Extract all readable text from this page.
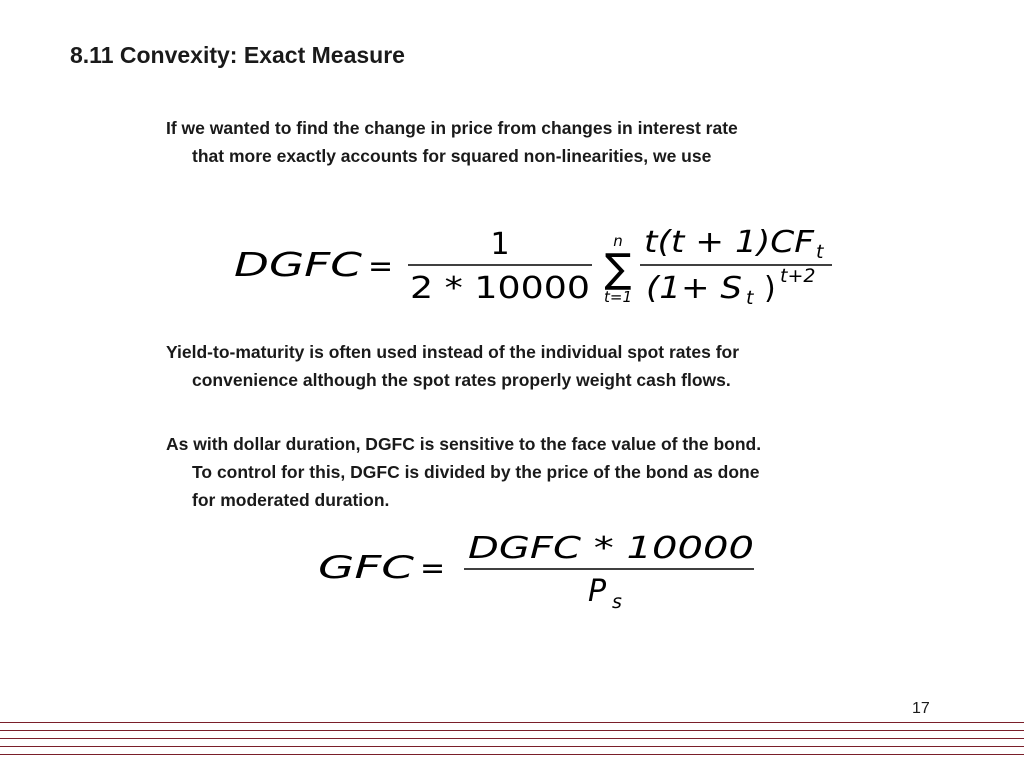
8.11 Convexity: Exact Measure
If we wanted to find the change in price from changes in interest rate
that more exactly accounts for squared non-linearities, we use
DGFC =
1
2 * 10000
n
∑
t=1
t(t + 1)CF t
(1+ S t ) t+2
Yield-to-maturity is often used instead of the individual spot rates for
convenience although the spot rates properly weight cash flows.
As with dollar duration, DGFC is sensitive to the face value of the bond.
To control for this, DGFC is divided by the price of the bond as done
for moderated duration.
GFC =
DGFC * 10000
P s
17
